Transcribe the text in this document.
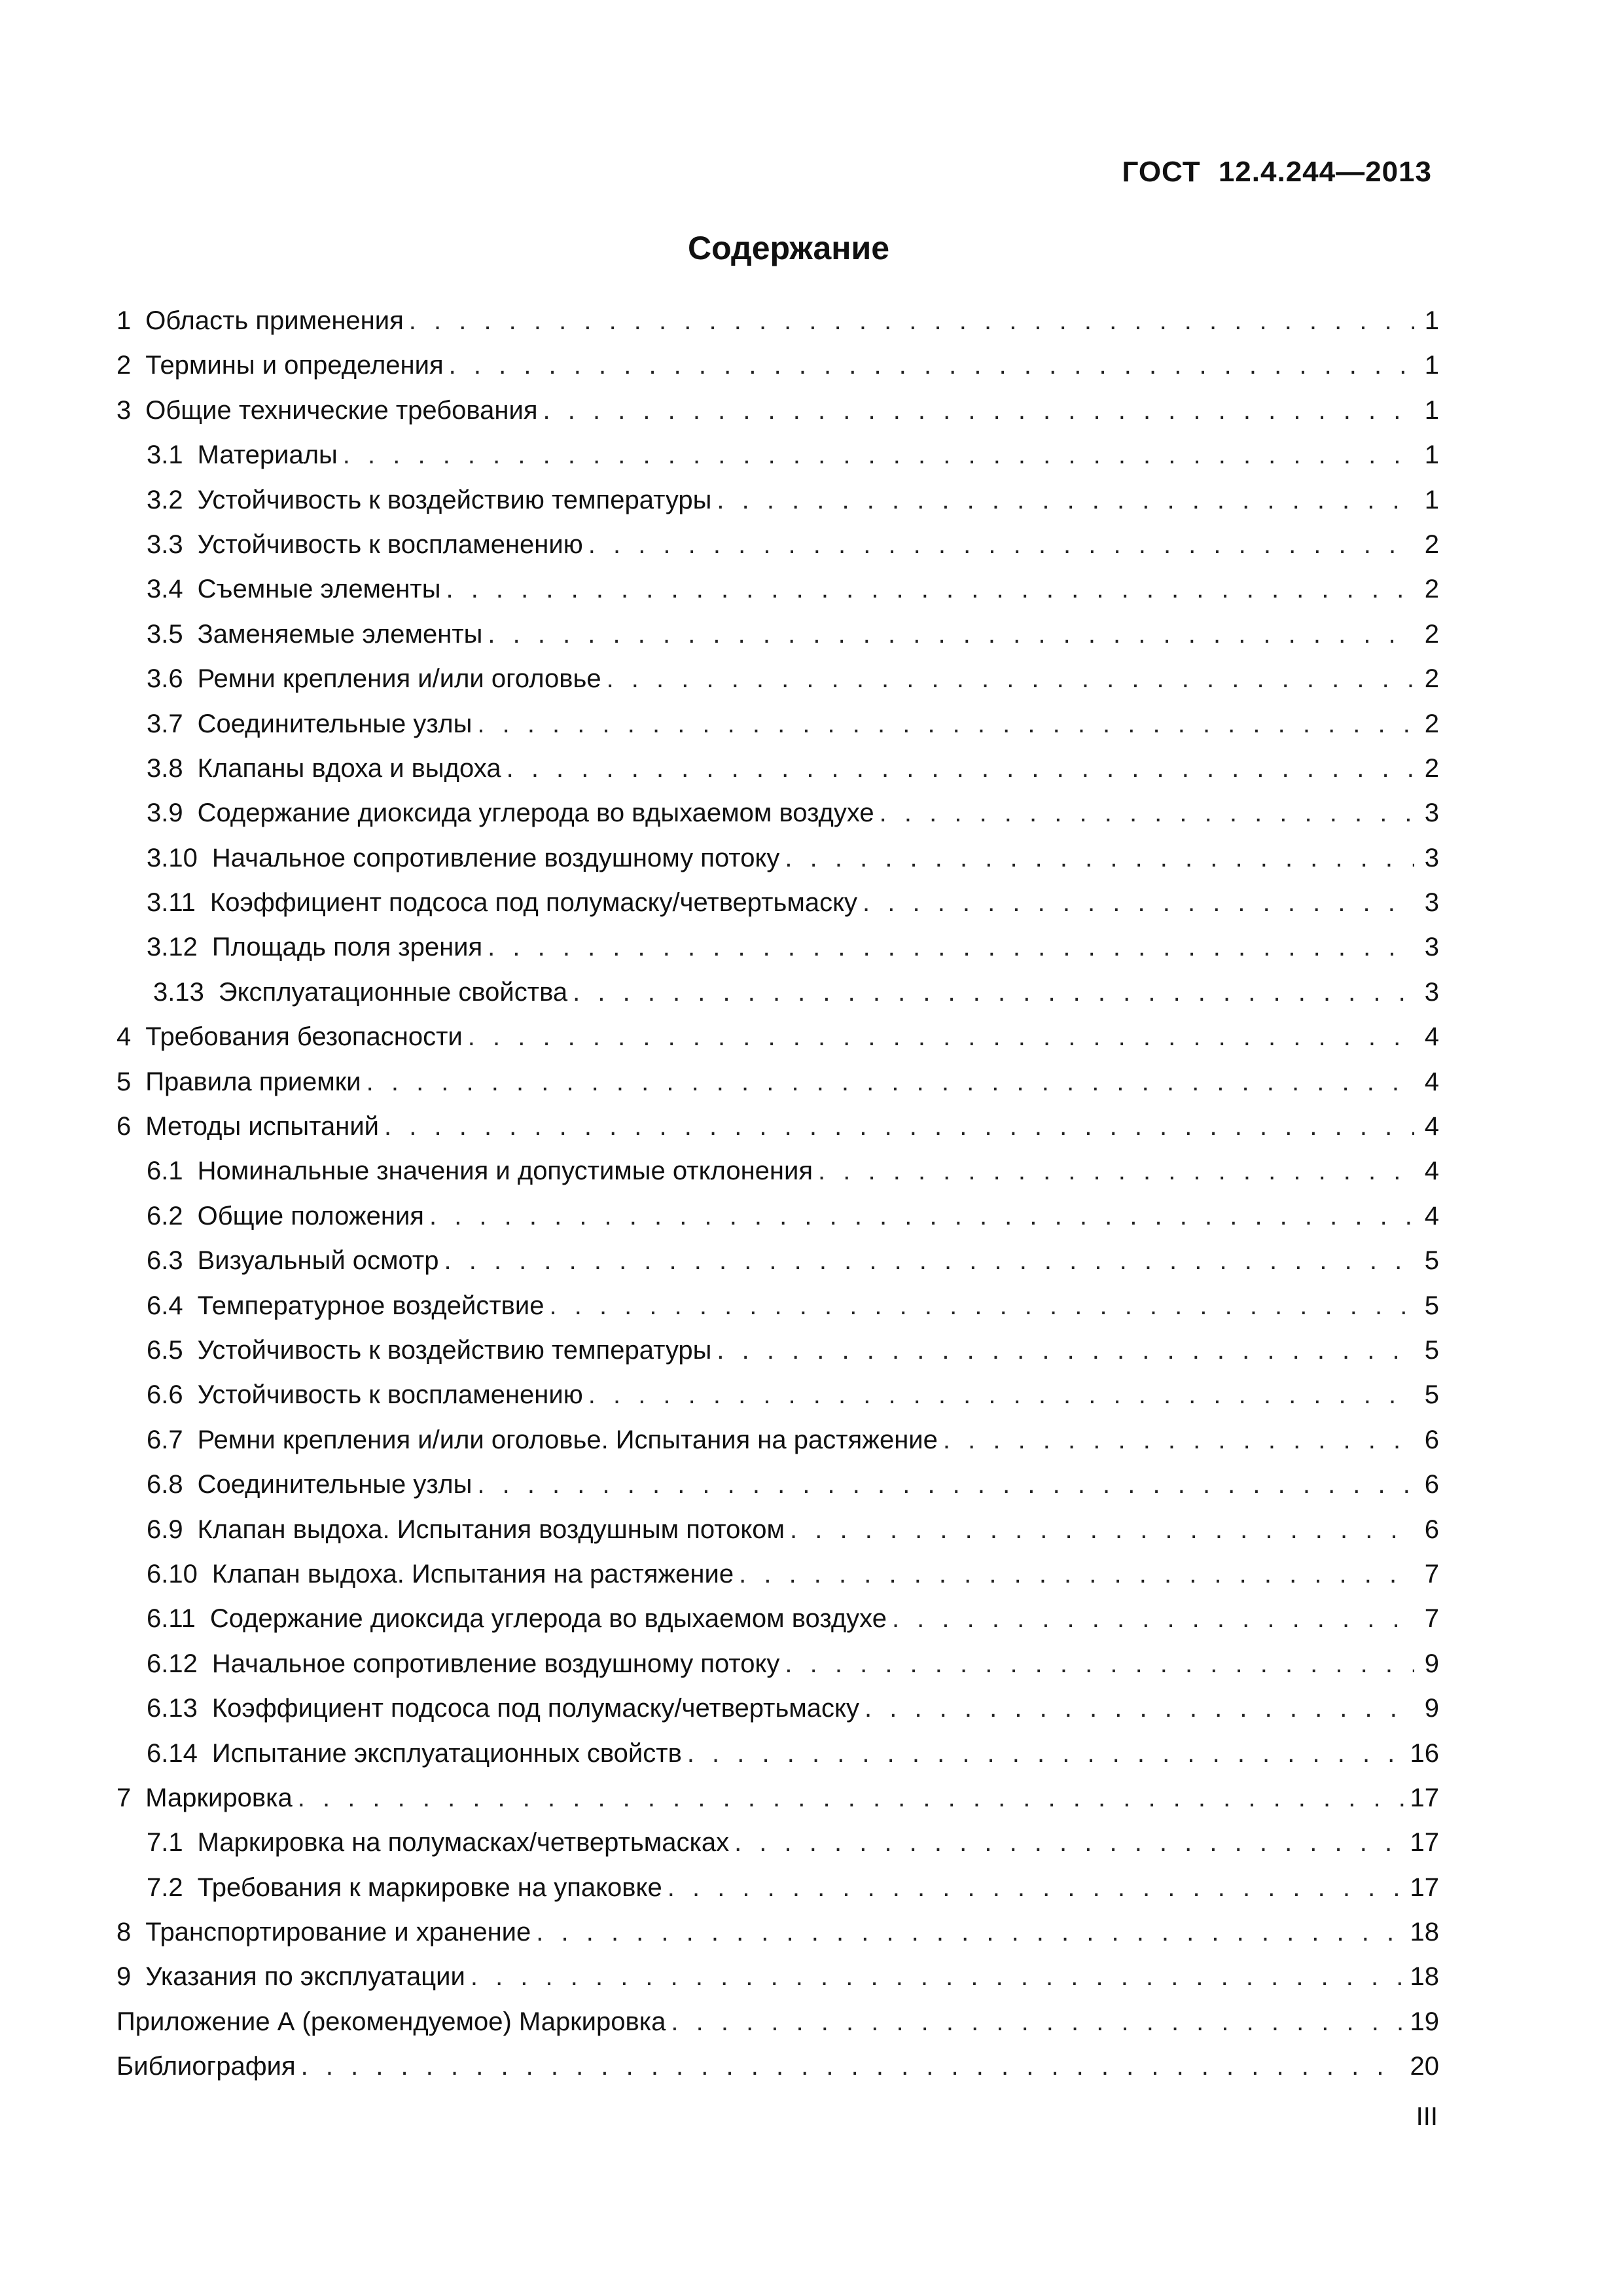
ГОСТ 12.4.244—2013
Содержание
1 Область применения . . .	1
2 Термины и определения . . .	1
3 Общие технические требования . . .	1
3.1 Материалы . . .	1
3.2 Устойчивость к воздействию температуры . . .	1
3.3 Устойчивость к воспламенению . . .	2
3.4 Съемные элементы . . .	2
3.5 Заменяемые элементы . . .	2
3.6 Ремни крепления и/или оголовье . . .	2
3.7 Соединительные узлы . . .	2
3.8 Клапаны вдоха и выдоха . . .	2
3.9 Содержание диоксида углерода во вдыхаемом воздухе . . .	3
3.10 Начальное сопротивление воздушному потоку . . .	3
3.11 Коэффициент подсоса под полумаску/четвертьмаску . . .	3
3.12 Площадь поля зрения . . .	3
3.13 Эксплуатационные свойства . . .	3
4 Требования безопасности . . .	4
5 Правила приемки . . .	4
6 Методы испытаний . . .	4
6.1 Номинальные значения и допустимые отклонения . . .	4
6.2 Общие положения . . .	4
6.3 Визуальный осмотр . . .	5
6.4 Температурное воздействие . . .	5
6.5 Устойчивость к воздействию температуры . . .	5
6.6 Устойчивость к воспламенению . . .	5
6.7 Ремни крепления и/или оголовье. Испытания на растяжение . . .	6
6.8 Соединительные узлы . . .	6
6.9 Клапан выдоха. Испытания воздушным потоком . . .	6
6.10 Клапан выдоха. Испытания на растяжение . . .	7
6.11 Содержание диоксида углерода во вдыхаемом воздухе . . .	7
6.12 Начальное сопротивление воздушному потоку . . .	9
6.13 Коэффициент подсоса под полумаску/четвертьмаску . . .	9
6.14 Испытание эксплуатационных свойств . . .	16
7 Маркировка . . .	17
7.1 Маркировка на полумасках/четвертьмасках . . .	17
7.2 Требования к маркировке на упаковке . . .	17
8 Транспортирование и хранение . . .	18
9 Указания по эксплуатации . . .	18
Приложение А (рекомендуемое) Маркировка . . .	19
Библиография . . .	20
III
